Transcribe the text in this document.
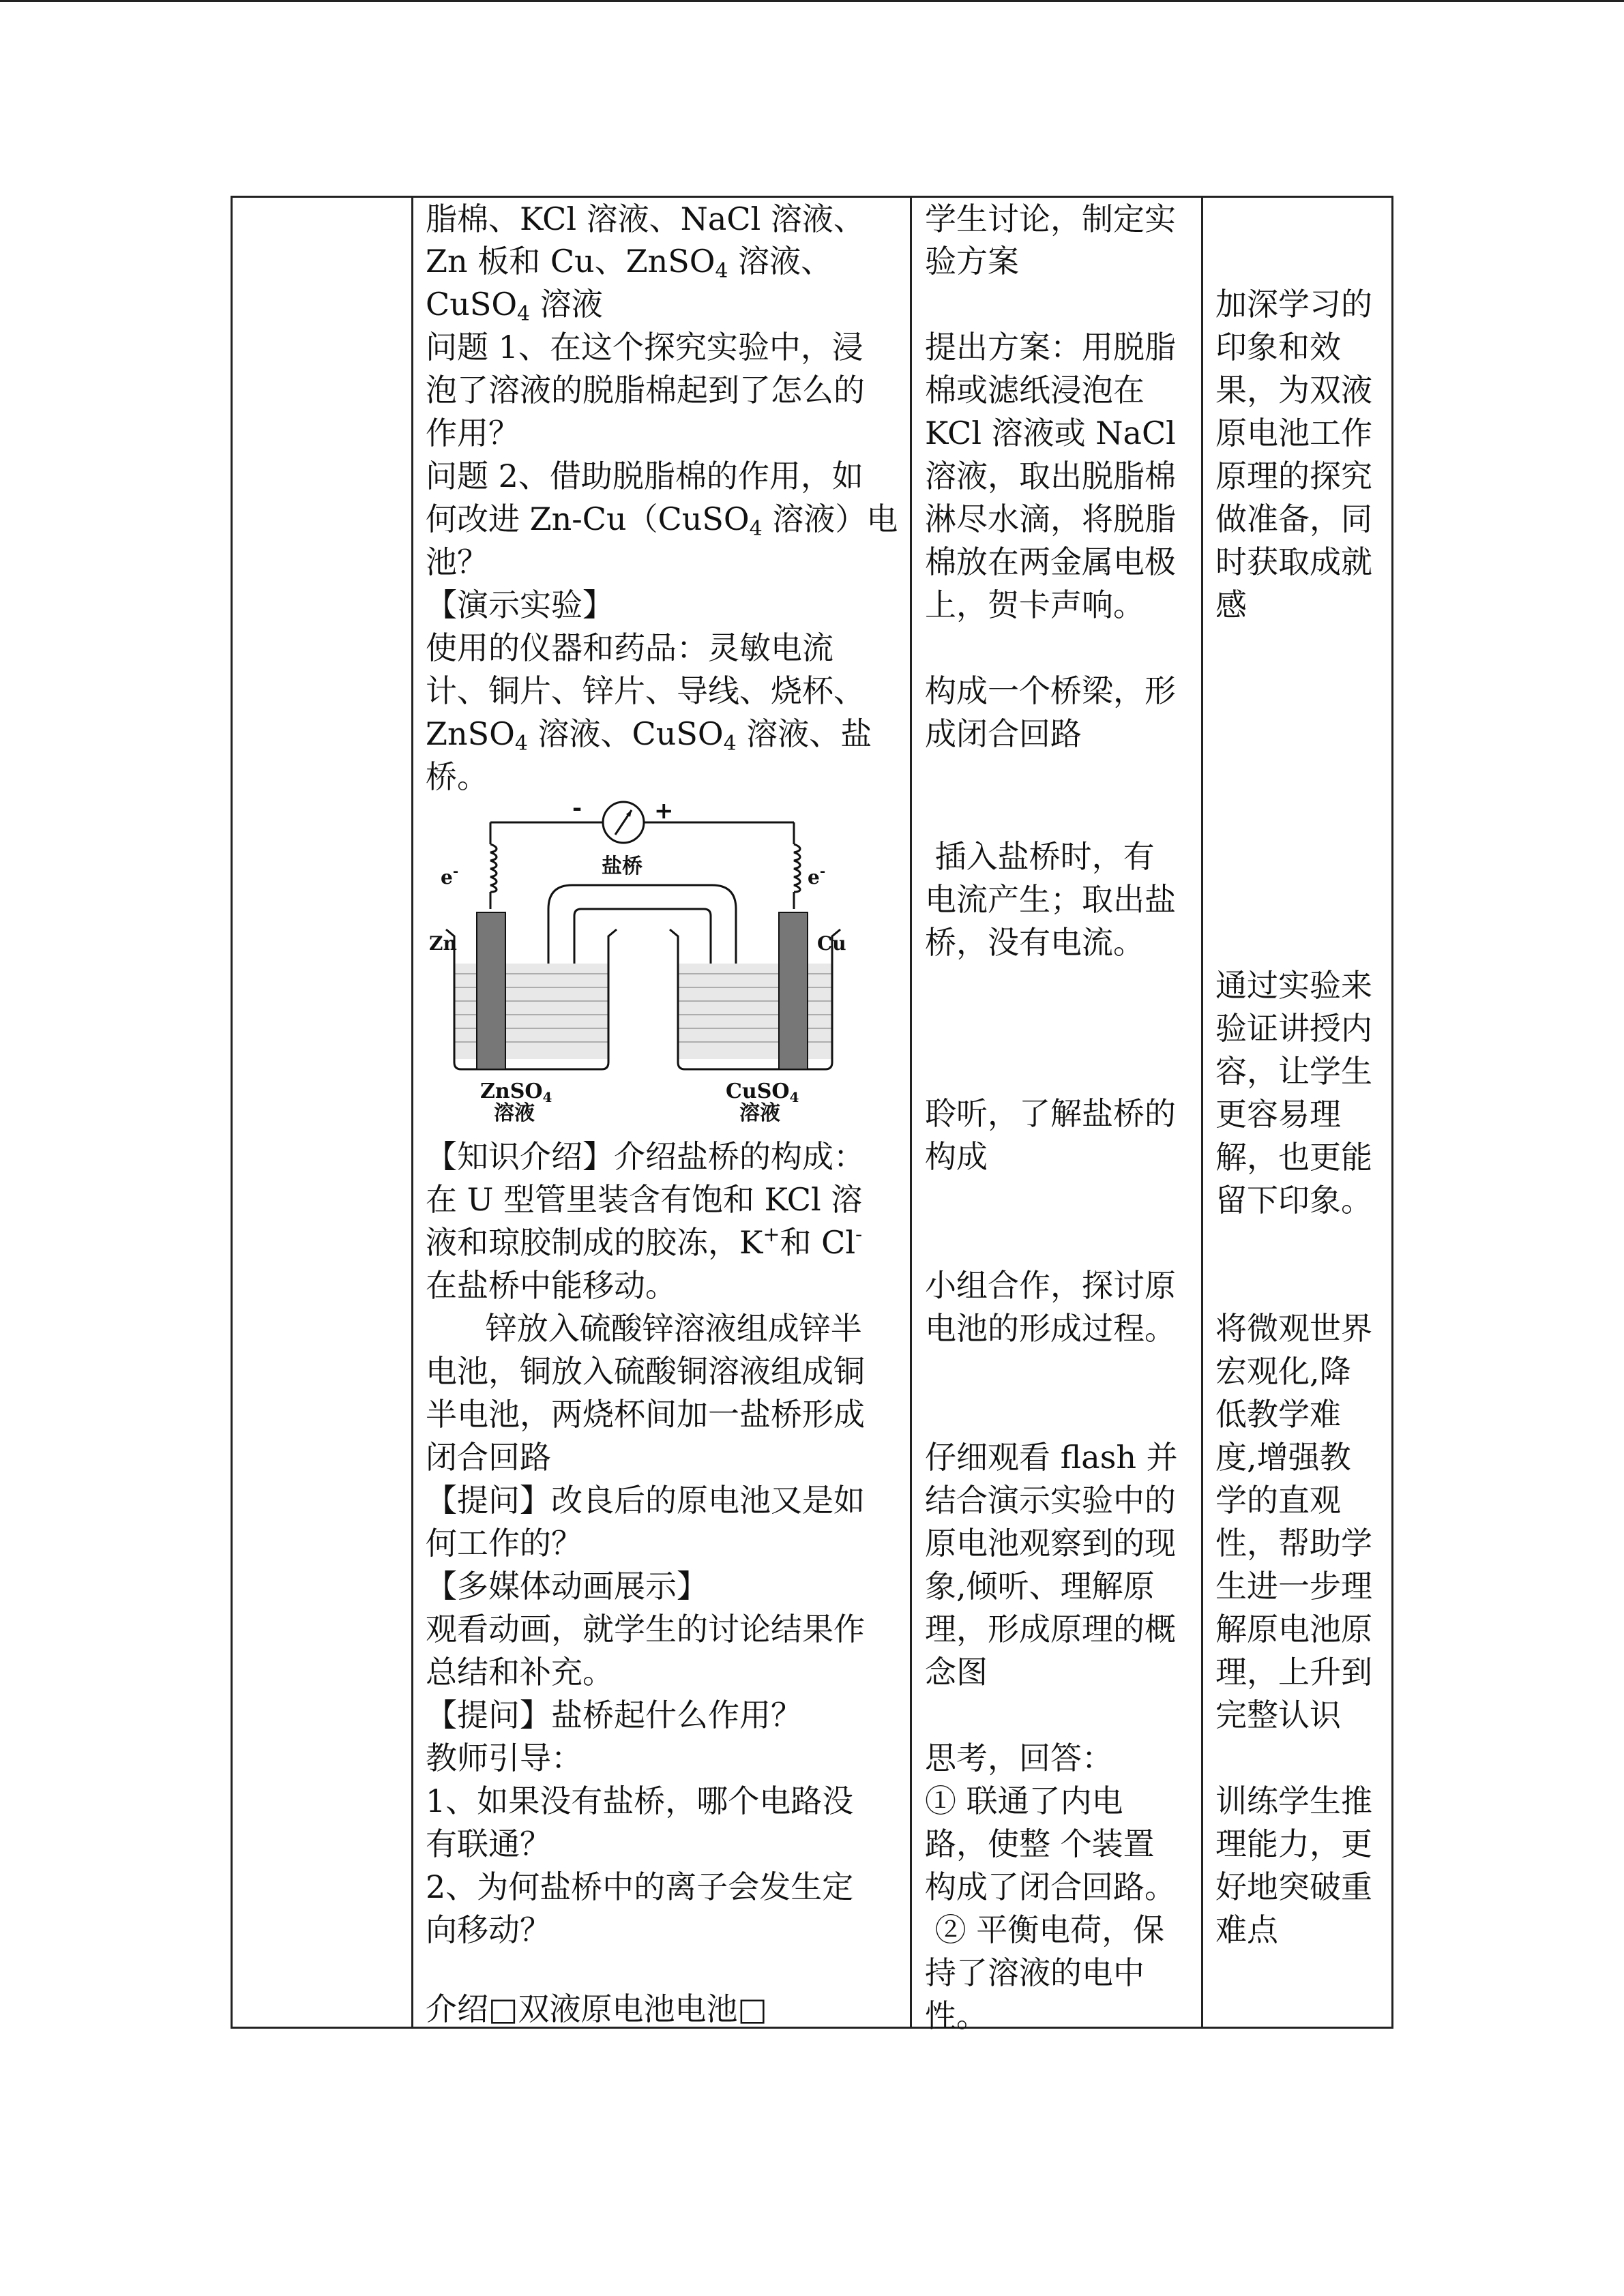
脂棉、KCl 溶液、NaCl 溶液、
Zn 板和 Cu、ZnSO$_4$ 溶液、
CuSO$_4$ 溶液
问题 1、在这个探究实验中，浸
泡了溶液的脱脂棉起到了怎么的
作用？
问题 2、借助脱脂棉的作用，如
何改进 Zn-Cu（CuSO$_4$ 溶液）电
池？
【演示实验】
使用的仪器和药品：灵敏电流
计、铜片、锌片、导线、烧杯、
ZnSO$_4$ 溶液、CuSO$_4$ 溶液、盐
桥。
【知识介绍】介绍盐桥的构成：
在 U 型管里装含有饱和 KCl 溶
液和琼胶制成的胶冻，K+和 Cl-
在盐桥中能移动。
锌放入硫酸锌溶液组成锌半
电池，铜放入硫酸铜溶液组成铜
半电池，两烧杯间加一盐桥形成
闭合回路
【提问】改良后的原电池又是如
何工作的？
【多媒体动画展示】
观看动画，就学生的讨论结果作
总结和补充。
【提问】盐桥起什么作用？
教师引导：
1、如果没有盐桥，哪个电路没
有联通？
2、为何盐桥中的离子会发生定
向移动？
介绍□双液原电池电池□
-	+
盐桥
e-	e-
Zn	Cu
ZnSO$_4$
溶液
CuSO$_4$
溶液
学生讨论，制定实
验方案
提出方案：用脱脂
棉或滤纸浸泡在
KCl 溶液或 NaCl
溶液，取出脱脂棉
淋尽水滴，将脱脂
棉放在两金属电极
上，贺卡声响。
构成一个桥梁，形
成闭合回路
插入盐桥时，有
电流产生；取出盐
桥，没有电流。
聆听，了解盐桥的
构成
小组合作，探讨原
电池的形成过程。
仔细观看 flash 并
结合演示实验中的
原电池观察到的现
象,倾听、理解原
理，形成原理的概
念图
思考，回答：
① 联通了内电
路，使整 个装置
构成了闭合回路。
② 平衡电荷，保
持了溶液的电中
性。
加深学习的
印象和效
果，为双液
原电池工作
原理的探究
做准备，同
时获取成就
感
通过实验来
验证讲授内
容，让学生
更容易理
解，也更能
留下印象。
将微观世界
宏观化,降
低教学难
度,增强教
学的直观
性，帮助学
生进一步理
解原电池原
理，上升到
完整认识
训练学生推
理能力，更
好地突破重
难点
